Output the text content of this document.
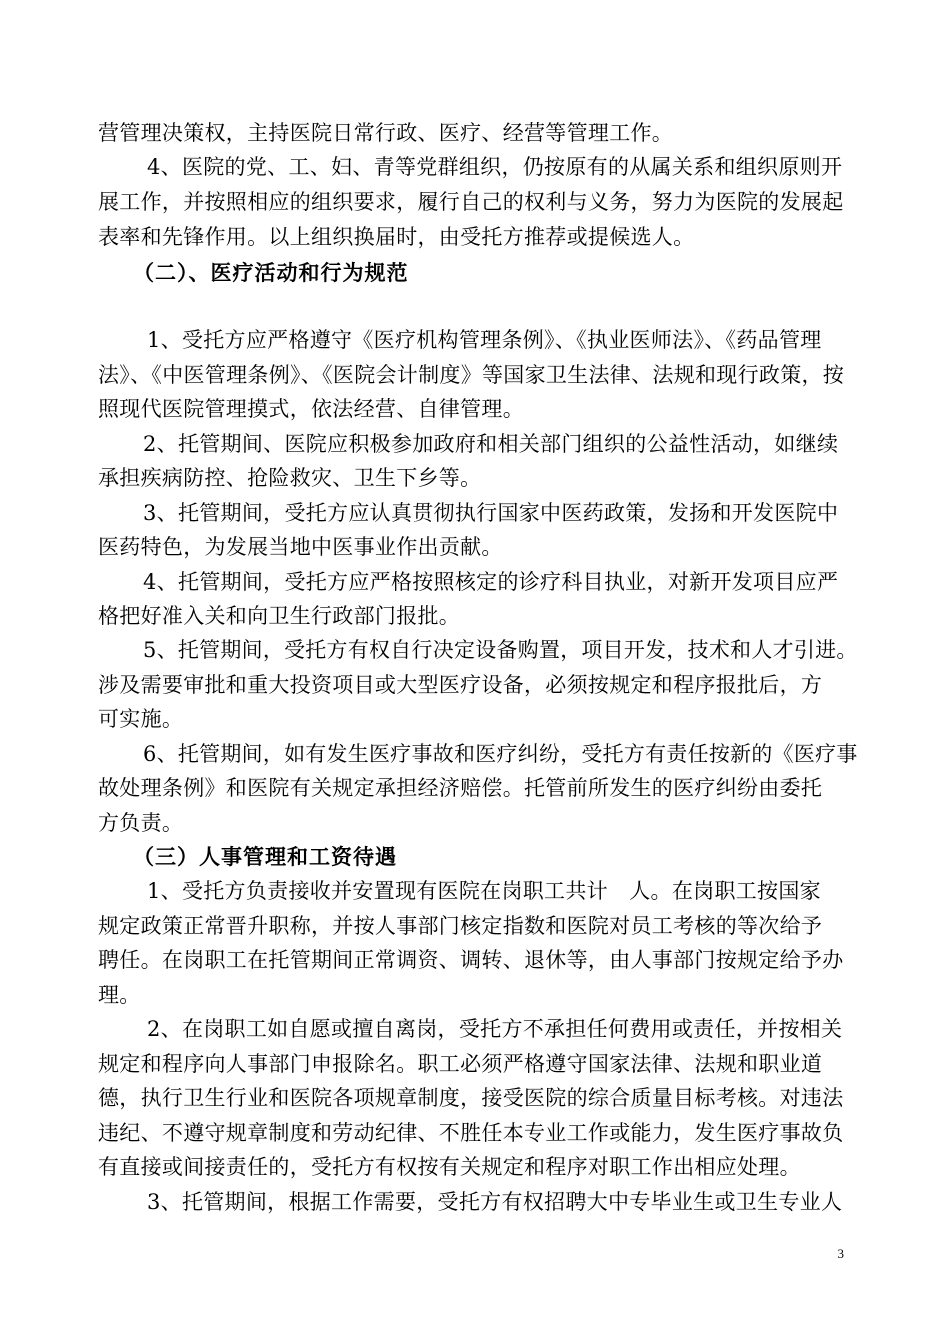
营管理决策权，主持医院日常行政、医疗、经营等管理工作。
4、医院的党、工、妇、青等党群组织，仍按原有的从属关系和组织原则开
展工作，并按照相应的组织要求，履行自己的权利与义务，努力为医院的发展起
表率和先锋作用。以上组织换届时，由受托方推荐或提候选人。
（二）、医疗活动和行为规范
1、受托方应严格遵守《医疗机构管理条例》、《执业医师法》、《药品管理
法》、《中医管理条例》、《医院会计制度》等国家卫生法律、法规和现行政策，按
照现代医院管理摸式，依法经营、自律管理。
2、托管期间、医院应积极参加政府和相关部门组织的公益性活动，如继续
承担疾病防控、抢险救灾、卫生下乡等。
3、托管期间，受托方应认真贯彻执行国家中医药政策，发扬和开发医院中
医药特色，为发展当地中医事业作出贡献。
4、托管期间，受托方应严格按照核定的诊疗科目执业，对新开发项目应严
格把好准入关和向卫生行政部门报批。
5、托管期间，受托方有权自行决定设备购置，项目开发，技术和人才引进。
涉及需要审批和重大投资项目或大型医疗设备，必须按规定和程序报批后，方
可实施。
6、托管期间，如有发生医疗事故和医疗纠纷，受托方有责任按新的《医疗事
故处理条例》和医院有关规定承担经济赔偿。托管前所发生的医疗纠纷由委托
方负责。
（三）人事管理和工资待遇
1、受托方负责接收并安置现有医院在岗职工共计　人。在岗职工按国家
规定政策正常晋升职称，并按人事部门核定指数和医院对员工考核的等次给予
聘任。在岗职工在托管期间正常调资、调转、退休等，由人事部门按规定给予办
理。
2、在岗职工如自愿或擅自离岗，受托方不承担任何费用或责任，并按相关
规定和程序向人事部门申报除名。职工必须严格遵守国家法律、法规和职业道
德，执行卫生行业和医院各项规章制度，接受医院的综合质量目标考核。对违法
违纪、不遵守规章制度和劳动纪律、不胜任本专业工作或能力，发生医疗事故负
有直接或间接责任的，受托方有权按有关规定和程序对职工作出相应处理。
3、托管期间，根据工作需要，受托方有权招聘大中专毕业生或卫生专业人
3
